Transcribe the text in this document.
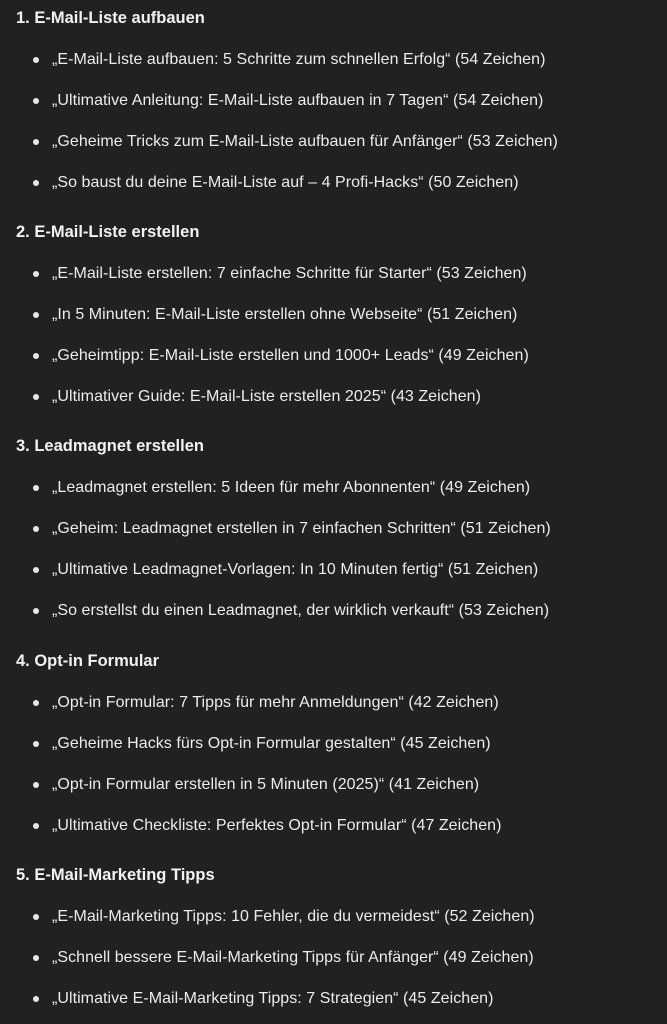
1. E-Mail-Liste aufbauen
„E-Mail-Liste aufbauen: 5 Schritte zum schnellen Erfolg“ (54 Zeichen)
„Ultimative Anleitung: E-Mail-Liste aufbauen in 7 Tagen“ (54 Zeichen)
„Geheime Tricks zum E-Mail-Liste aufbauen für Anfänger“ (53 Zeichen)
„So baust du deine E-Mail-Liste auf – 4 Profi-Hacks“ (50 Zeichen)
2. E-Mail-Liste erstellen
„E-Mail-Liste erstellen: 7 einfache Schritte für Starter“ (53 Zeichen)
„In 5 Minuten: E-Mail-Liste erstellen ohne Webseite“ (51 Zeichen)
„Geheimtipp: E-Mail-Liste erstellen und 1000+ Leads“ (49 Zeichen)
„Ultimativer Guide: E-Mail-Liste erstellen 2025“ (43 Zeichen)
3. Leadmagnet erstellen
„Leadmagnet erstellen: 5 Ideen für mehr Abonnenten“ (49 Zeichen)
„Geheim: Leadmagnet erstellen in 7 einfachen Schritten“ (51 Zeichen)
„Ultimative Leadmagnet-Vorlagen: In 10 Minuten fertig“ (51 Zeichen)
„So erstellst du einen Leadmagnet, der wirklich verkauft“ (53 Zeichen)
4. Opt-in Formular
„Opt-in Formular: 7 Tipps für mehr Anmeldungen“ (42 Zeichen)
„Geheime Hacks fürs Opt-in Formular gestalten“ (45 Zeichen)
„Opt-in Formular erstellen in 5 Minuten (2025)“ (41 Zeichen)
„Ultimative Checkliste: Perfektes Opt-in Formular“ (47 Zeichen)
5. E-Mail-Marketing Tipps
„E-Mail-Marketing Tipps: 10 Fehler, die du vermeidest“ (52 Zeichen)
„Schnell bessere E-Mail-Marketing Tipps für Anfänger“ (49 Zeichen)
„Ultimative E-Mail-Marketing Tipps: 7 Strategien“ (45 Zeichen)
